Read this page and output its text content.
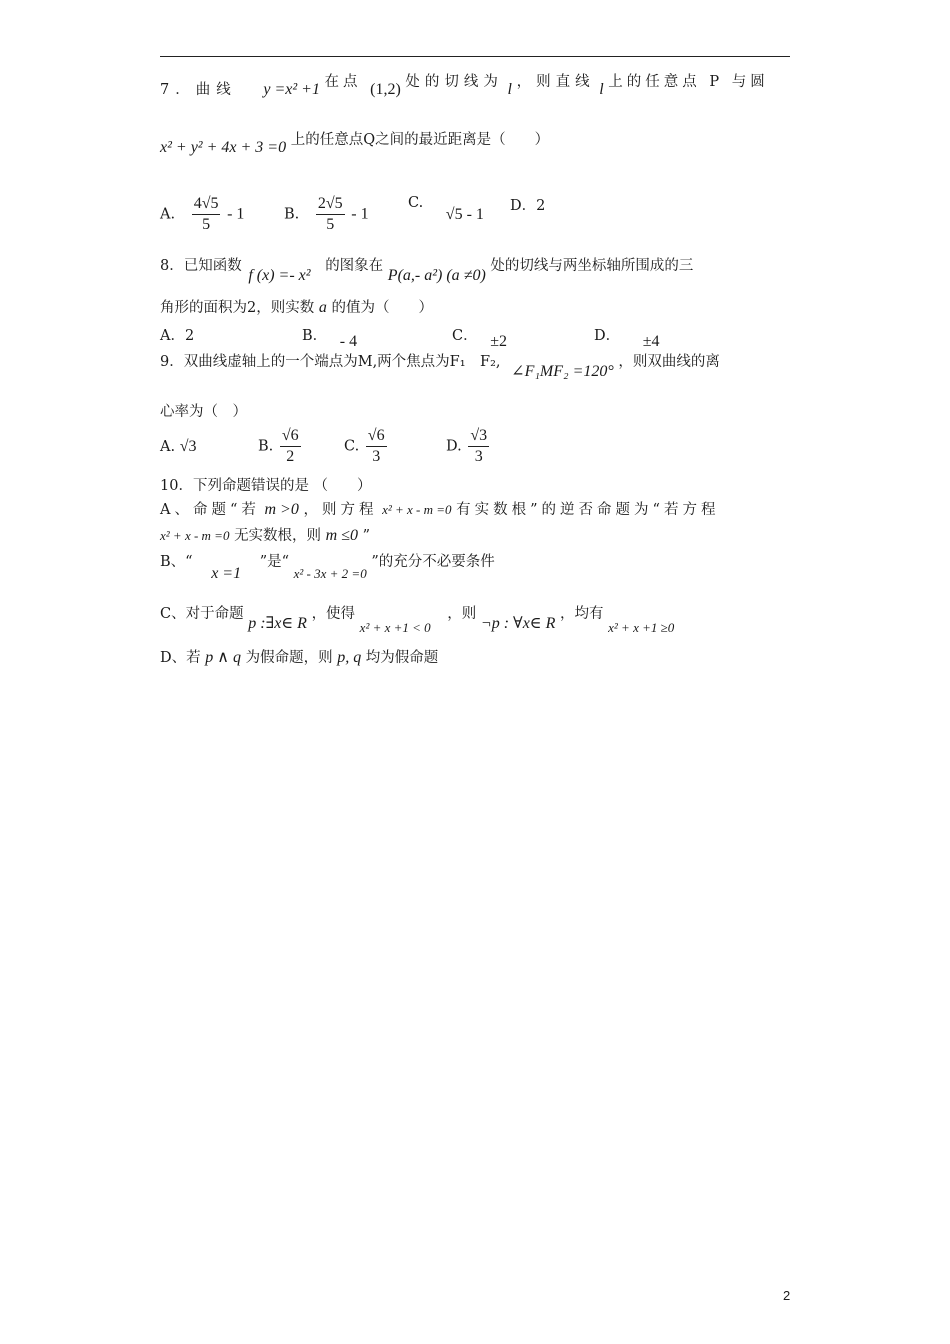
7．曲线 y =x² +1 在点 (1,2) 处的切线为 l ，则直线 l 上的任意点 P 与圆
x² + y² + 4x + 3 =0 上的任意点Q之间的最近距离是（　　）
A. $\frac{4√5}{5} - 1$	B. $\frac{2√5}{5} - 1$
C. √5 - 1 D．2
8．已知函数 f (x) =- x² 的图象在 P(a,- a²) (a ≠0) 处的切线与两坐标轴所围成的三
角形的面积为2，则实数 a 的值为（　　）
A．2	B． - 4	C． ±2	D． ±4
9．双曲线虚轴上的一个端点为M,两个焦点为F₁　F₂, ∠F₁MF₂ =120° ，则双曲线的离
心率为（　）
A. √3	B. $\frac{√6}{2}$	C. $\frac{√6}{3}$	D. $\frac{√3}{3}$
10．下列命题错误的是 （　　）
A、命题“若 m >0 ，则方程 x² + x - m =0 有实数根”的逆否命题为“若方程
x² + x - m =0 无实数根，则 m ≤0 ”
B、“ x =1 ”是“ x² - 3x + 2 =0 ”的充分不必要条件
C、对于命题 p :∃x∈ R ，使得 x² + x +1 < 0 ，则 ¬p : ∀x∈ R ，均有 x² + x +1 ≥0
D、若 p ∧ q 为假命题，则 p, q 均为假命题
2
